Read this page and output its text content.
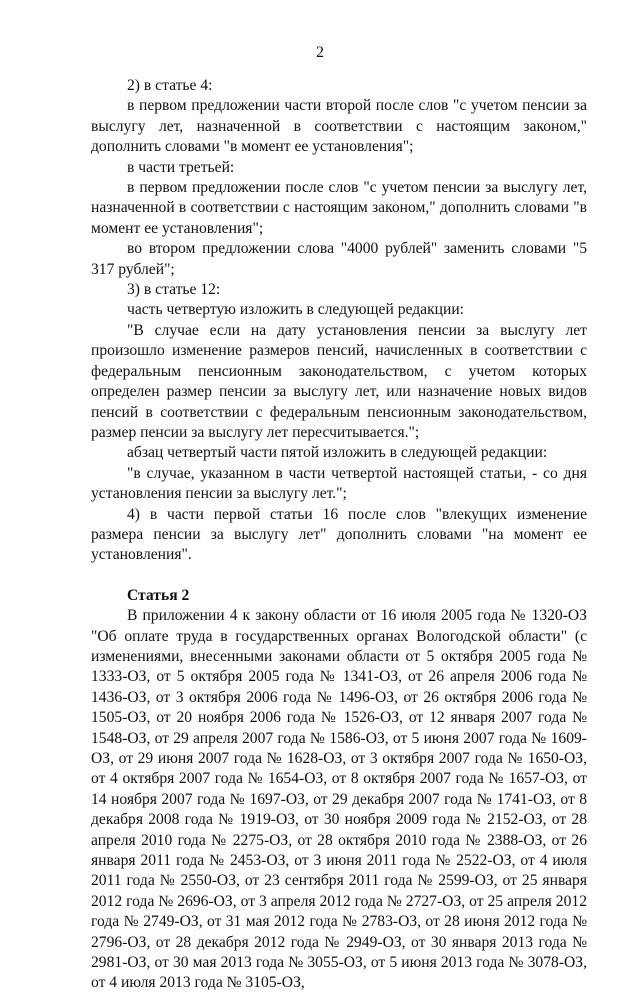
2

2) в статье 4:

в первом предложении части второй после слов "с учетом пенсии за выслугу лет, назначенной в соответствии с настоящим законом," дополнить словами "в момент ее установления";

в части третьей:

в первом предложении после слов "с учетом пенсии за выслугу лет, назначенной в соответствии с настоящим законом," дополнить словами "в момент ее установления";

во втором предложении слова "4000 рублей" заменить словами "5 317 рублей";

3) в статье 12:

часть четвертую изложить в следующей редакции:

"В случае если на дату установления пенсии за выслугу лет произошло изменение размеров пенсий, начисленных в соответствии с федеральным пенсионным законодательством, с учетом которых определен размер пенсии за выслугу лет, или назначение новых видов пенсий в соответствии с федеральным пенсионным законодательством, размер пенсии за выслугу лет пересчитывается.";

абзац четвертый части пятой изложить в следующей редакции:

"в случае, указанном в части четвертой настоящей статьи, - со дня установления пенсии за выслугу лет.";

4) в части первой статьи 16 после слов "влекущих изменение размера пенсии за выслугу лет" дополнить словами "на момент ее установления".

Статья 2

В приложении 4 к закону области от 16 июля 2005 года № 1320-ОЗ "Об оплате труда в государственных органах Вологодской области" (с изменениями, внесенными законами области от 5 октября 2005 года № 1333-ОЗ, от 5 октября 2005 года № 1341-ОЗ, от 26 апреля 2006 года № 1436-ОЗ, от 3 октября 2006 года № 1496-ОЗ, от 26 октября 2006 года № 1505-ОЗ, от 20 ноября 2006 года № 1526-ОЗ, от 12 января 2007 года № 1548-ОЗ, от 29 апреля 2007 года № 1586-ОЗ, от 5 июня 2007 года № 1609-ОЗ, от 29 июня 2007 года № 1628-ОЗ, от 3 октября 2007 года № 1650-ОЗ, от 4 октября 2007 года № 1654-ОЗ, от 8 октября 2007 года № 1657-ОЗ, от 14 ноября 2007 года № 1697-ОЗ, от 29 декабря 2007 года № 1741-ОЗ, от 8 декабря 2008 года № 1919-ОЗ, от 30 ноября 2009 года № 2152-ОЗ, от 28 апреля 2010 года № 2275-ОЗ, от 28 октября 2010 года № 2388-ОЗ, от 26 января 2011 года № 2453-ОЗ, от 3 июня 2011 года № 2522-ОЗ, от 4 июля 2011 года № 2550-ОЗ, от 23 сентября 2011 года № 2599-ОЗ, от 25 января 2012 года № 2696-ОЗ, от 3 апреля 2012 года № 2727-ОЗ, от 25 апреля 2012 года № 2749-ОЗ, от 31 мая 2012 года № 2783-ОЗ, от 28 июня 2012 года № 2796-ОЗ, от 28 декабря 2012 года № 2949-ОЗ, от 30 января 2013 года № 2981-ОЗ, от 30 мая 2013 года № 3055-ОЗ, от 5 июня 2013 года № 3078-ОЗ, от 4 июля 2013 года № 3105-ОЗ,
